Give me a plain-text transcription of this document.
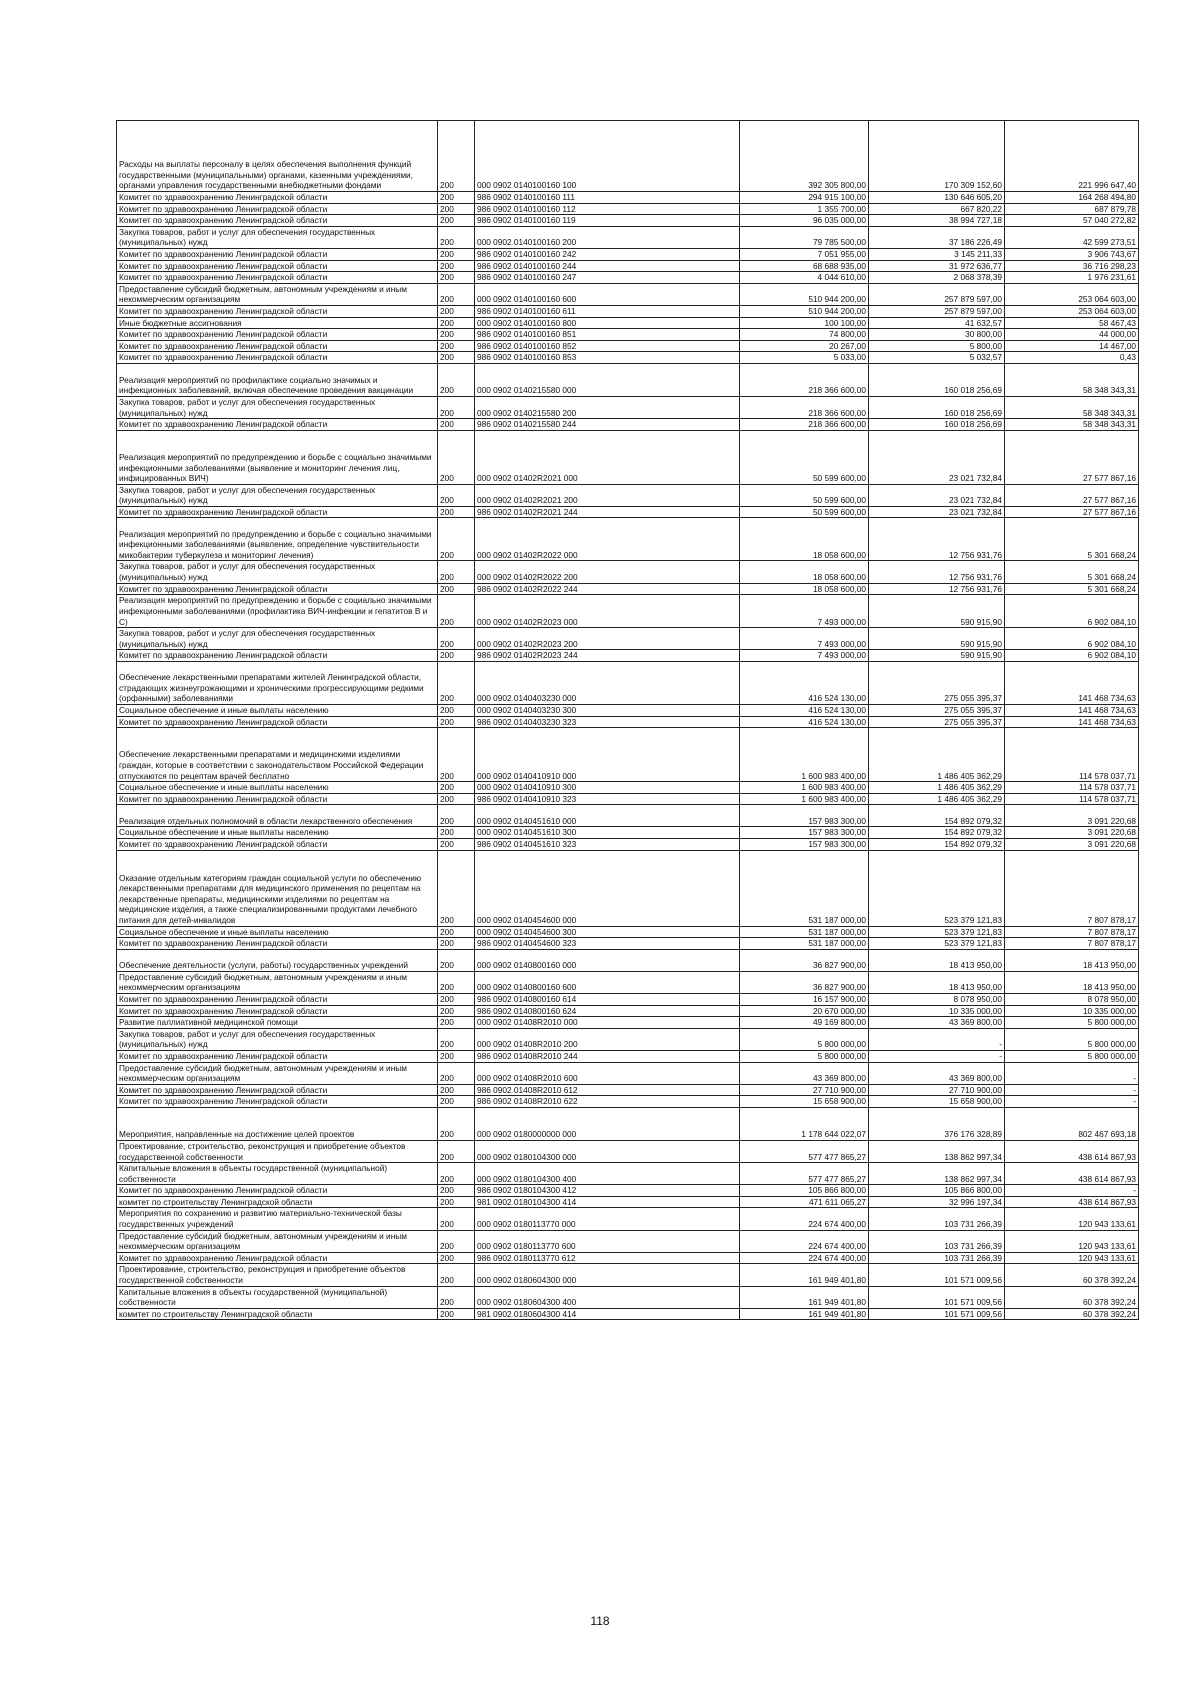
Расходы на выплаты персоналу в целях обеспечения выполнения функций государственными (муниципальными) органами, казенными учреждениями, органами управления государственными внебюджетными фондами	200	000 0902 0140100160 100	392 305 800,00	170 309 152,60	221 996 647,40
Комитет по здравоохранению Ленинградской области	200	986 0902 0140100160 111	294 915 100,00	130 646 605,20	164 268 494,80
Комитет по здравоохранению Ленинградской области	200	986 0902 0140100160 112	1 355 700,00	667 820,22	687 879,78
Комитет по здравоохранению Ленинградской области	200	986 0902 0140100160 119	96 035 000,00	38 994 727,18	57 040 272,82
Закупка товаров, работ и услуг для обеспечения государственных (муниципальных) нужд	200	000 0902 0140100160 200	79 785 500,00	37 186 226,49	42 599 273,51
Комитет по здравоохранению Ленинградской области	200	986 0902 0140100160 242	7 051 955,00	3 145 211,33	3 906 743,67
Комитет по здравоохранению Ленинградской области	200	986 0902 0140100160 244	68 688 935,00	31 972 636,77	36 716 298,23
Комитет по здравоохранению Ленинградской области	200	986 0902 0140100160 247	4 044 610,00	2 068 378,39	1 976 231,61
Предоставление субсидий бюджетным, автономным учреждениям и иным некоммерческим организациям	200	000 0902 0140100160 600	510 944 200,00	257 879 597,00	253 064 603,00
Комитет по здравоохранению Ленинградской области	200	986 0902 0140100160 611	510 944 200,00	257 879 597,00	253 064 603,00
Иные бюджетные ассигнования	200	000 0902 0140100160 800	100 100,00	41 632,57	58 467,43
Комитет по здравоохранению Ленинградской области	200	986 0902 0140100160 851	74 800,00	30 800,00	44 000,00
Комитет по здравоохранению Ленинградской области	200	986 0902 0140100160 852	20 267,00	5 800,00	14 467,00
Комитет по здравоохранению Ленинградской области	200	986 0902 0140100160 853	5 033,00	5 032,57	0,43
Реализация мероприятий по профилактике социально значимых и инфекционных заболеваний, включая обеспечение проведения вакцинации	200	000 0902 0140215580 000	218 366 600,00	160 018 256,69	58 348 343,31
Закупка товаров, работ и услуг для обеспечения государственных (муниципальных) нужд	200	000 0902 0140215580 200	218 366 600,00	160 018 256,69	58 348 343,31
Комитет по здравоохранению Ленинградской области	200	986 0902 0140215580 244	218 366 600,00	160 018 256,69	58 348 343,31
Реализация мероприятий по предупреждению и борьбе с социально значимыми инфекционными заболеваниями (выявление и мониторинг лечения лиц, инфицированных ВИЧ)	200	000 0902 01402R2021 000	50 599 600,00	23 021 732,84	27 577 867,16
Закупка товаров, работ и услуг для обеспечения государственных (муниципальных) нужд	200	000 0902 01402R2021 200	50 599 600,00	23 021 732,84	27 577 867,16
Комитет по здравоохранению Ленинградской области	200	986 0902 01402R2021 244	50 599 600,00	23 021 732,84	27 577 867,16
Реализация мероприятий по предупреждению и борьбе с социально значимыми инфекционными заболеваниями (выявление, определение чувствительности микобактерии туберкулеза и мониторинг лечения)	200	000 0902 01402R2022 000	18 058 600,00	12 756 931,76	5 301 668,24
Закупка товаров, работ и услуг для обеспечения государственных (муниципальных) нужд	200	000 0902 01402R2022 200	18 058 600,00	12 756 931,76	5 301 668,24
Комитет по здравоохранению Ленинградской области	200	986 0902 01402R2022 244	18 058 600,00	12 756 931,76	5 301 668,24
Реализация мероприятий по предупреждению и борьбе с социально значимыми инфекционными заболеваниями (профилактика ВИЧ-инфекции и гепатитов В и С)	200	000 0902 01402R2023 000	7 493 000,00	590 915,90	6 902 084,10
Закупка товаров, работ и услуг для обеспечения государственных (муниципальных) нужд	200	000 0902 01402R2023 200	7 493 000,00	590 915,90	6 902 084,10
Комитет по здравоохранению Ленинградской области	200	986 0902 01402R2023 244	7 493 000,00	590 915,90	6 902 084,10
Обеспечение лекарственными препаратами жителей Ленинградской области, страдающих жизнеугрожающими и хроническими прогрессирующими редкими (орфанными) заболеваниями	200	000 0902 0140403230 000	416 524 130,00	275 055 395,37	141 468 734,63
Социальное обеспечение и иные выплаты населению	200	000 0902 0140403230 300	416 524 130,00	275 055 395,37	141 468 734,63
Комитет по здравоохранению Ленинградской области	200	986 0902 0140403230 323	416 524 130,00	275 055 395,37	141 468 734,63
Обеспечение лекарственными препаратами и медицинскими изделиями граждан, которые в соответствии с законодательством Российской Федерации отпускаются по рецептам врачей бесплатно	200	000 0902 0140410910 000	1 600 983 400,00	1 486 405 362,29	114 578 037,71
Социальное обеспечение и иные выплаты населению	200	000 0902 0140410910 300	1 600 983 400,00	1 486 405 362,29	114 578 037,71
Комитет по здравоохранению Ленинградской области	200	986 0902 0140410910 323	1 600 983 400,00	1 486 405 362,29	114 578 037,71
Реализация отдельных полномочий в области лекарственного обеспечения	200	000 0902 0140451610 000	157 983 300,00	154 892 079,32	3 091 220,68
Социальное обеспечение и иные выплаты населению	200	000 0902 0140451610 300	157 983 300,00	154 892 079,32	3 091 220,68
Комитет по здравоохранению Ленинградской области	200	986 0902 0140451610 323	157 983 300,00	154 892 079,32	3 091 220,68
Оказание отдельным категориям граждан социальной услуги по обеспечению лекарственными препаратами для медицинского применения по рецептам на лекарственные препараты, медицинскими изделиями по рецептам на медицинские изделия, а также специализированными продуктами лечебного питания для детей-инвалидов	200	000 0902 0140454600 000	531 187 000,00	523 379 121,83	7 807 878,17
Социальное обеспечение и иные выплаты населению	200	000 0902 0140454600 300	531 187 000,00	523 379 121,83	7 807 878,17
Комитет по здравоохранению Ленинградской области	200	986 0902 0140454600 323	531 187 000,00	523 379 121,83	7 807 878,17
Обеспечение деятельности (услуги, работы) государственных учреждений	200	000 0902 0140800160 000	36 827 900,00	18 413 950,00	18 413 950,00
Предоставление субсидий бюджетным, автономным учреждениям и иным некоммерческим организациям	200	000 0902 0140800160 600	36 827 900,00	18 413 950,00	18 413 950,00
Комитет по здравоохранению Ленинградской области	200	986 0902 0140800160 614	16 157 900,00	8 078 950,00	8 078 950,00
Комитет по здравоохранению Ленинградской области	200	986 0902 0140800160 624	20 670 000,00	10 335 000,00	10 335 000,00
Развитие паллиативной медицинской помощи	200	000 0902 01408R2010 000	49 169 800,00	43 369 800,00	5 800 000,00
Закупка товаров, работ и услуг для обеспечения государственных (муниципальных) нужд	200	000 0902 01408R2010 200	5 800 000,00	-	5 800 000,00
Комитет по здравоохранению Ленинградской области	200	986 0902 01408R2010 244	5 800 000,00	-	5 800 000,00
Предоставление субсидий бюджетным, автономным учреждениям и иным некоммерческим организациям	200	000 0902 01408R2010 600	43 369 800,00	43 369 800,00	-
Комитет по здравоохранению Ленинградской области	200	986 0902 01408R2010 612	27 710 900,00	27 710 900,00	-
Комитет по здравоохранению Ленинградской области	200	986 0902 01408R2010 622	15 658 900,00	15 658 900,00	-
Мероприятия, направленные на достижение целей проектов	200	000 0902 0180000000 000	1 178 644 022,07	376 176 328,89	802 467 693,18
Проектирование, строительство, реконструкция и приобретение объектов государственной собственности	200	000 0902 0180104300 000	577 477 865,27	138 862 997,34	438 614 867,93
Капитальные вложения в объекты государственной (муниципальной) собственности	200	000 0902 0180104300 400	577 477 865,27	138 862 997,34	438 614 867,93
Комитет по здравоохранению Ленинградской области	200	986 0902 0180104300 412	105 866 800,00	105 866 800,00	-
комитет по строительству Ленинградской области	200	981 0902 0180104300 414	471 611 065,27	32 996 197,34	438 614 867,93
Мероприятия по сохранению и развитию материально-технической базы государственных учреждений	200	000 0902 0180113770 000	224 674 400,00	103 731 266,39	120 943 133,61
Предоставление субсидий бюджетным, автономным учреждениям и иным некоммерческим организациям	200	000 0902 0180113770 600	224 674 400,00	103 731 266,39	120 943 133,61
Комитет по здравоохранению Ленинградской области	200	986 0902 0180113770 612	224 674 400,00	103 731 266,39	120 943 133,61
Проектирование, строительство, реконструкция и приобретение объектов государственной собственности	200	000 0902 0180604300 000	161 949 401,80	101 571 009,56	60 378 392,24
Капитальные вложения в объекты государственной (муниципальной) собственности	200	000 0902 0180604300 400	161 949 401,80	101 571 009,56	60 378 392,24
комитет по строительству Ленинградской области	200	981 0902 0180604300 414	161 949 401,80	101 571 009,56	60 378 392,24
118
